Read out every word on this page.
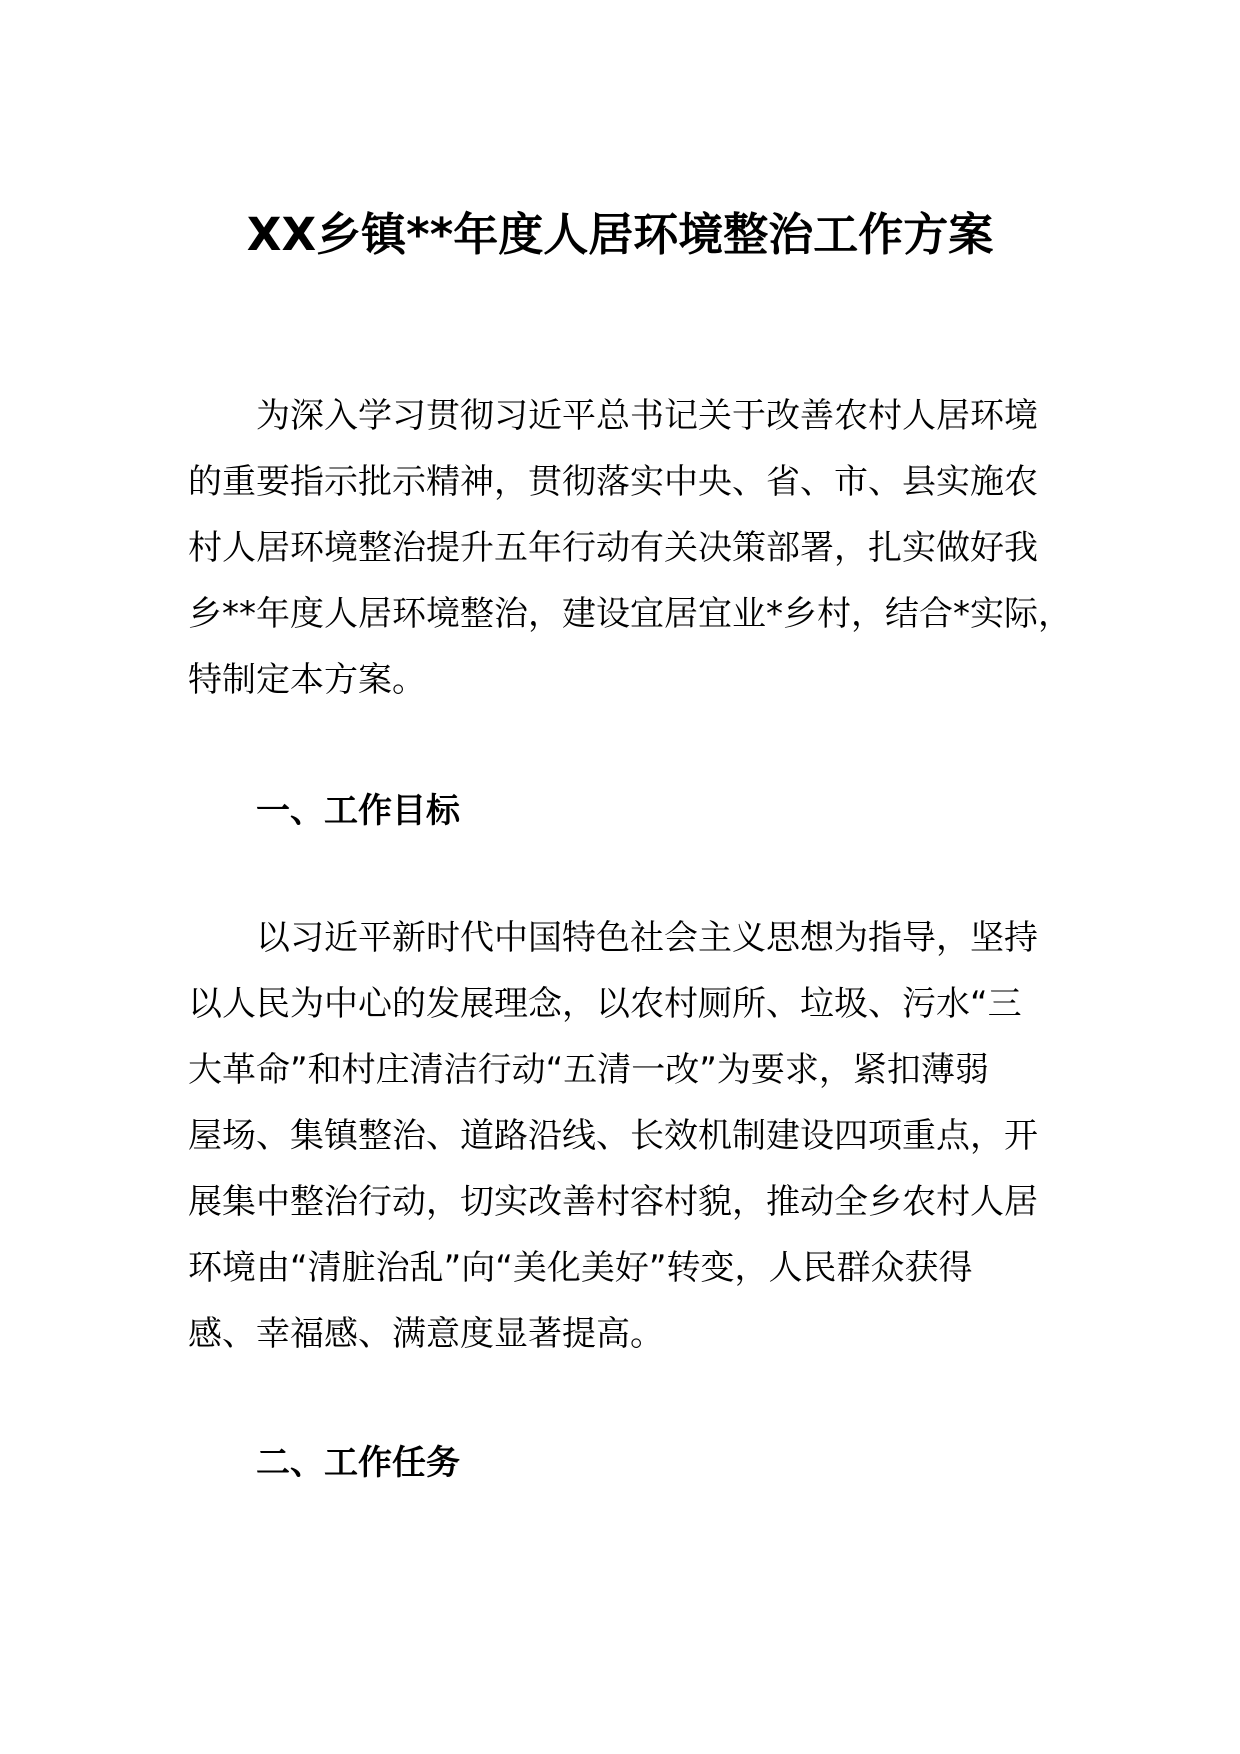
XX乡镇**年度人居环境整治工作方案
为深入学习贯彻习近平总书记关于改善农村人居环境
的重要指示批示精神，贯彻落实中央、省、市、县实施农
村人居环境整治提升五年行动有关决策部署，扎实做好我
乡**年度人居环境整治，建设宜居宜业*乡村，结合*实际，
特制定本方案。
一、工作目标
以习近平新时代中国特色社会主义思想为指导，坚持
以人民为中心的发展理念，以农村厕所、垃圾、污水“三
大革命”和村庄清洁行动“五清一改”为要求，紧扣薄弱
屋场、集镇整治、道路沿线、长效机制建设四项重点，开
展集中整治行动，切实改善村容村貌，推动全乡农村人居
环境由“清脏治乱”向“美化美好”转变，人民群众获得
感、幸福感、满意度显著提高。
二、工作任务
